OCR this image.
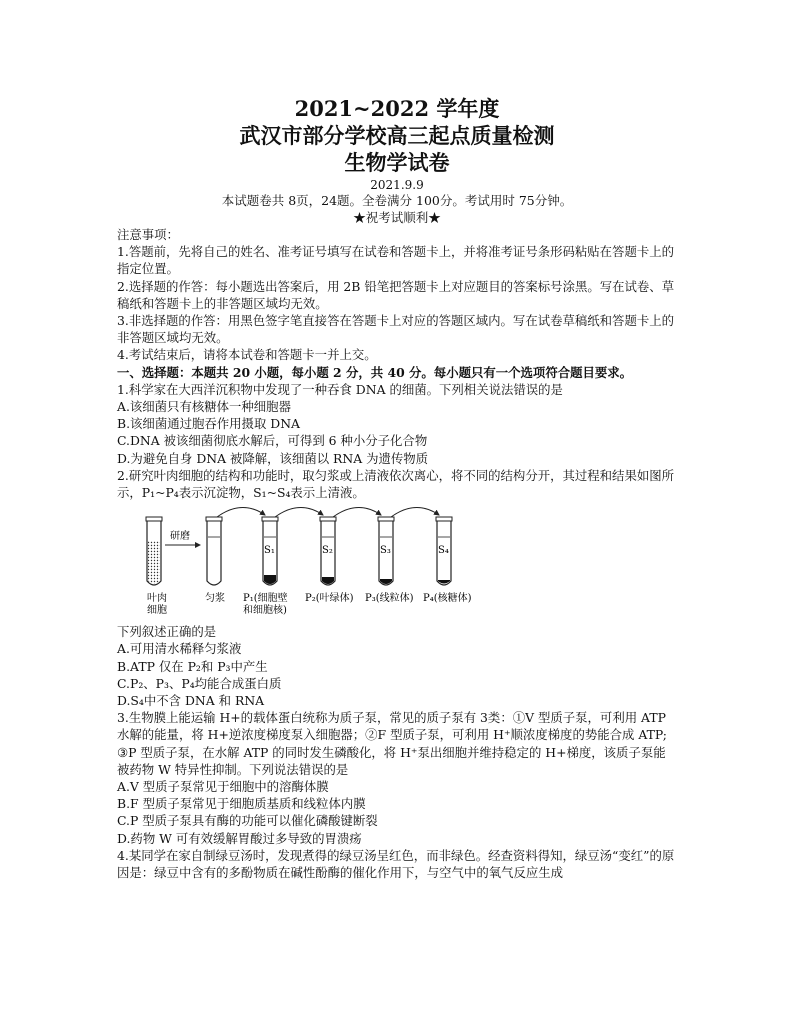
2021~2022 学年度
武汉市部分学校高三起点质量检测
生物学试卷
2021.9.9
本试题卷共 8页，24题。全卷满分 100分。考试用时 75分钟。
★祝考试顺利★

注意事项：

1.答题前，先将自己的姓名、准考证号填写在试卷和答题卡上，并将准考证号条形码粘贴在答题卡上的指定位置。

2.选择题的作答：每小题选出答案后，用 2B 铅笔把答题卡上对应题目的答案标号涂黑。写在试卷、草稿纸和答题卡上的非答题区域均无效。

3.非选择题的作答：用黑色签字笔直接答在答题卡上对应的答题区域内。写在试卷草稿纸和答题卡上的非答题区域均无效。

4.考试结束后，请将本试卷和答题卡一并上交。

一、选择题：本题共 20 小题，每小题 2 分，共 40 分。每小题只有一个选项符合题目要求。

1.科学家在大西洋沉积物中发现了一种吞食 DNA 的细菌。下列相关说法错误的是

A.该细菌只有核糖体一种细胞器

B.该细菌通过胞吞作用摄取 DNA

C.DNA 被该细菌彻底水解后，可得到 6 种小分子化合物

D.为避免自身 DNA 被降解，该细菌以 RNA 为遗传物质

2.研究叶肉细胞的结构和功能时，取匀浆或上清液依次离心，将不同的结构分开，其过程和结果如图所示，P₁~P₄表示沉淀物，S₁~S₄表示上清液。

研磨
S₁	S₂	S₃	S₄
叶肉
细胞
匀浆 P₁(细胞壁
和细胞核)
P₂(叶绿体) P₃(线粒体) P₄(核糖体)

下列叙述正确的是

A.可用清水稀释匀浆液

B.ATP 仅在 P₂和 P₃中产生

C.P₂、P₃、P₄均能合成蛋白质

D.S₄中不含 DNA 和 RNA

3.生物膜上能运输 H+的载体蛋白统称为质子泵，常见的质子泵有 3类：①V 型质子泵，可利用 ATP 水解的能量，将 H+逆浓度梯度泵入细胞器；②F 型质子泵，可利用 H⁺顺浓度梯度的势能合成 ATP;③P 型质子泵，在水解 ATP 的同时发生磷酸化，将 H⁺泵出细胞并维持稳定的 H+梯度，该质子泵能被药物 W 特异性抑制。下列说法错误的是

A.V 型质子泵常见于细胞中的溶酶体膜

B.F 型质子泵常见于细胞质基质和线粒体内膜

C.P 型质子泵具有酶的功能可以催化磷酸键断裂

D.药物 W 可有效缓解胃酸过多导致的胃溃疡

4.某同学在家自制绿豆汤时，发现煮得的绿豆汤呈红色，而非绿色。经查资料得知，绿豆汤“变红”的原因是：绿豆中含有的多酚物质在碱性酚酶的催化作用下，与空气中的氧气反应生成
